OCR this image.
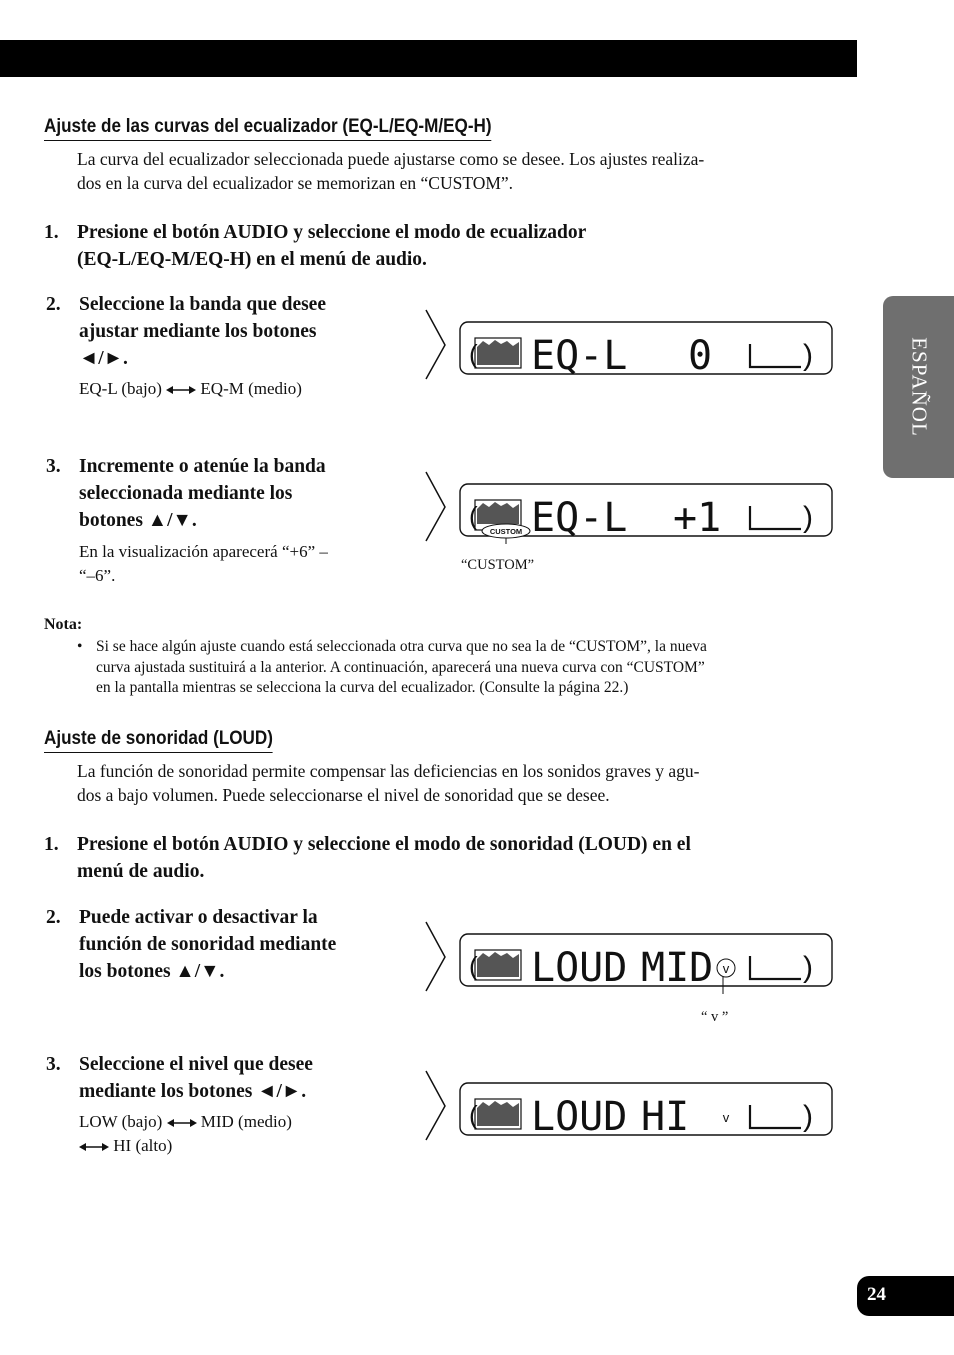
ESPAÑOL
Ajuste de las curvas del ecualizador (EQ-L/EQ-M/EQ-H)
La curva del ecualizador seleccionada puede ajustarse como se desee. Los ajustes realiza-
dos en la curva del ecualizador se memorizan en “CUSTOM”.
1. Presione el botón AUDIO y seleccione el modo de ecualizador
(EQ-L/EQ-M/EQ-H) en el menú de audio.
2. Seleccione la banda que desee
ajustar mediante los botones
◄/►.
EQ-L (bajo) EQ-M (medio)
3. Incremente o atenúe la banda
seleccionada mediante los
botones ▲/▼.
En la visualización aparecerá “+6” –
“–6”.
( EQ-L 0	)
(
CUSTOM EQ-L +1	)
“CUSTOM”
Nota:
• Si se hace algún ajuste cuando está seleccionada otra curva que no sea la de “CUSTOM”, la nueva
curva ajustada sustituirá a la anterior. A continuación, aparecerá una nueva curva con “CUSTOM”
en la pantalla mientras se selecciona la curva del ecualizador. (Consulte la página 22.)
Ajuste de sonoridad (LOUD)
La función de sonoridad permite compensar las deficiencias en los sonidos graves y agu-
dos a bajo volumen. Puede seleccionarse el nivel de sonoridad que se desee.
1. Presione el botón AUDIO y seleccione el modo de sonoridad (LOUD) en el
menú de audio.
2. Puede activar o desactivar la
función de sonoridad mediante
los botones ▲/▼.
3. Seleccione el nivel que desee
mediante los botones ◄/►.
LOW (bajo) MID (medio)
HI (alto)
( LOUD MID v )
“ v ”
( LOUD HI	v )
24
